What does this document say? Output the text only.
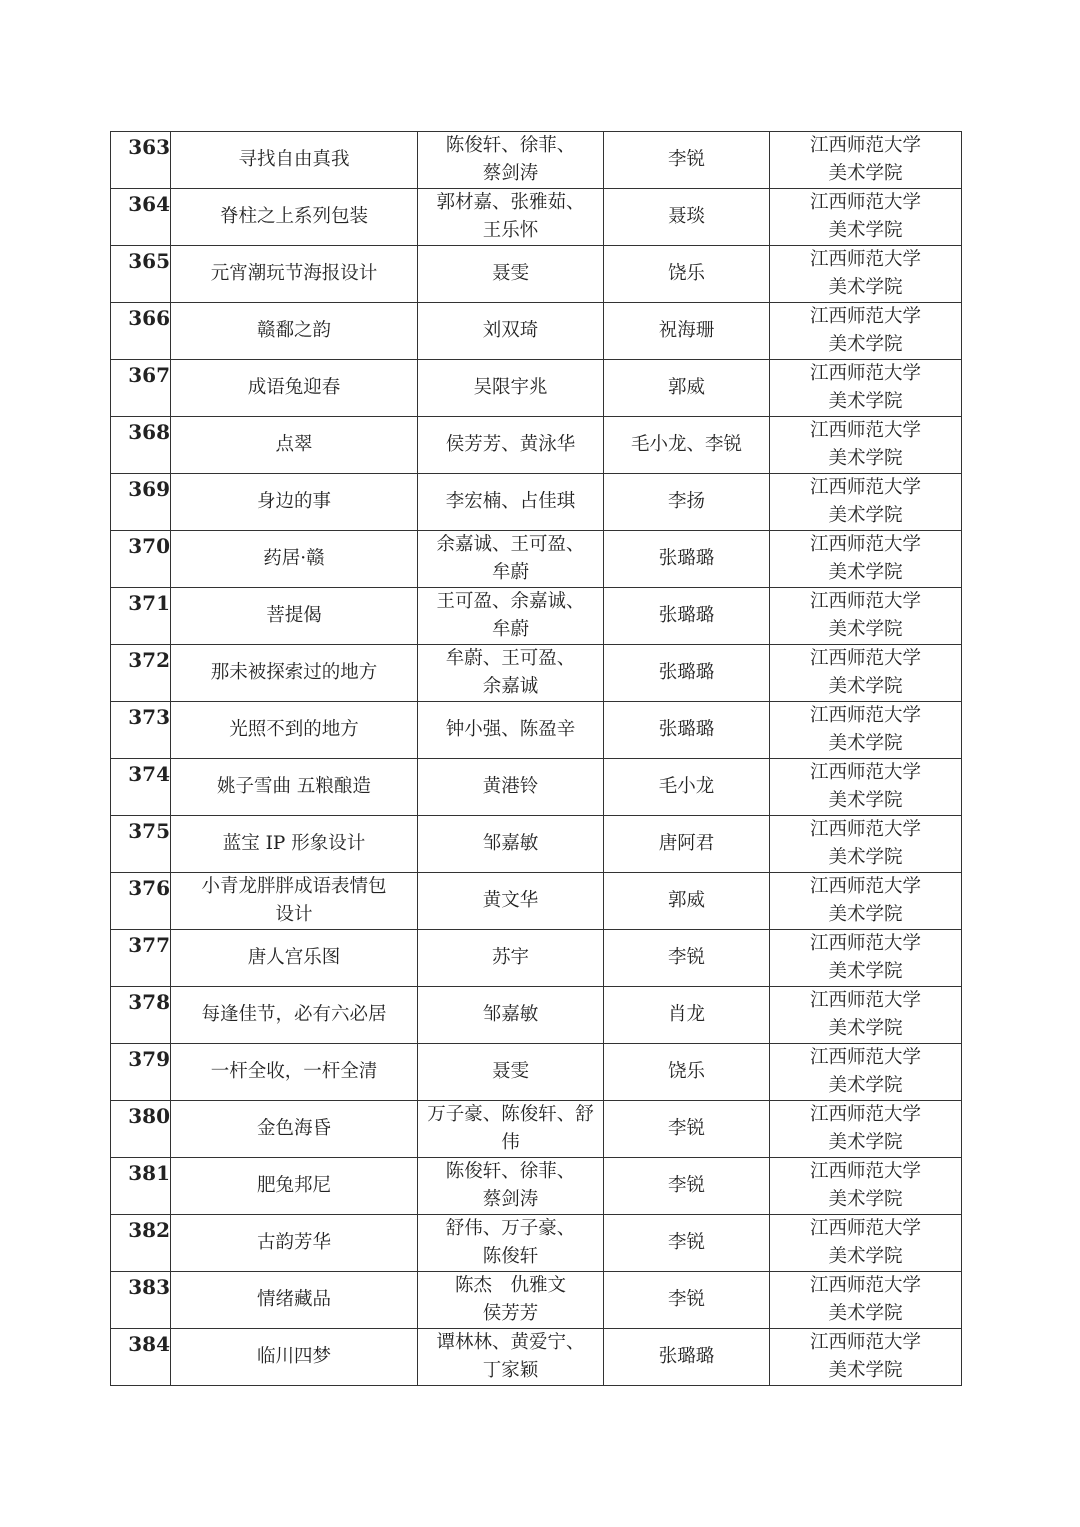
363	寻找自由真我	陈俊轩、徐菲、
蔡剑涛	李锐	江西师范大学
美术学院

364	脊柱之上系列包装	郭材嘉、张雅茹、
王乐怀	聂琰	江西师范大学
美术学院

365	元宵潮玩节海报设计	聂雯	饶乐	江西师范大学
美术学院

366	赣鄱之韵	刘双琦	祝海珊	江西师范大学
美术学院

367	成语兔迎春	吴限宇兆	郭威	江西师范大学
美术学院

368	点翠	侯芳芳、黄泳华	毛小龙、李锐	江西师范大学
美术学院

369	身边的事	李宏楠、占佳琪	李扬	江西师范大学
美术学院

370	药居·赣	余嘉诚、王可盈、
牟蔚	张璐璐	江西师范大学
美术学院

371	菩提偈	王可盈、余嘉诚、
牟蔚	张璐璐	江西师范大学
美术学院

372	那未被探索过的地方	牟蔚、王可盈、
余嘉诚	张璐璐	江西师范大学
美术学院

373	光照不到的地方	钟小强、陈盈辛	张璐璐	江西师范大学
美术学院

374	姚子雪曲 五粮酿造	黄港铃	毛小龙	江西师范大学
美术学院

375	蓝宝 IP 形象设计	邹嘉敏	唐阿君	江西师范大学
美术学院

376	小青龙胖胖成语表情包
设计	黄文华	郭威	江西师范大学
美术学院

377	唐人宫乐图	苏宇	李锐	江西师范大学
美术学院

378	每逢佳节，必有六必居	邹嘉敏	肖龙	江西师范大学
美术学院

379	一杆全收，一杆全清	聂雯	饶乐	江西师范大学
美术学院

380	金色海昏	万子豪、陈俊轩、舒
伟	李锐	江西师范大学
美术学院

381	肥兔邦尼	陈俊轩、徐菲、
蔡剑涛	李锐	江西师范大学
美术学院

382	古韵芳华	舒伟、万子豪、
陈俊轩	李锐	江西师范大学
美术学院

383	情绪藏品	陈杰　仇雅文
侯芳芳	李锐	江西师范大学
美术学院

384	临川四梦	谭林林、黄爱宁、
丁家颖	张璐璐	江西师范大学
美术学院
